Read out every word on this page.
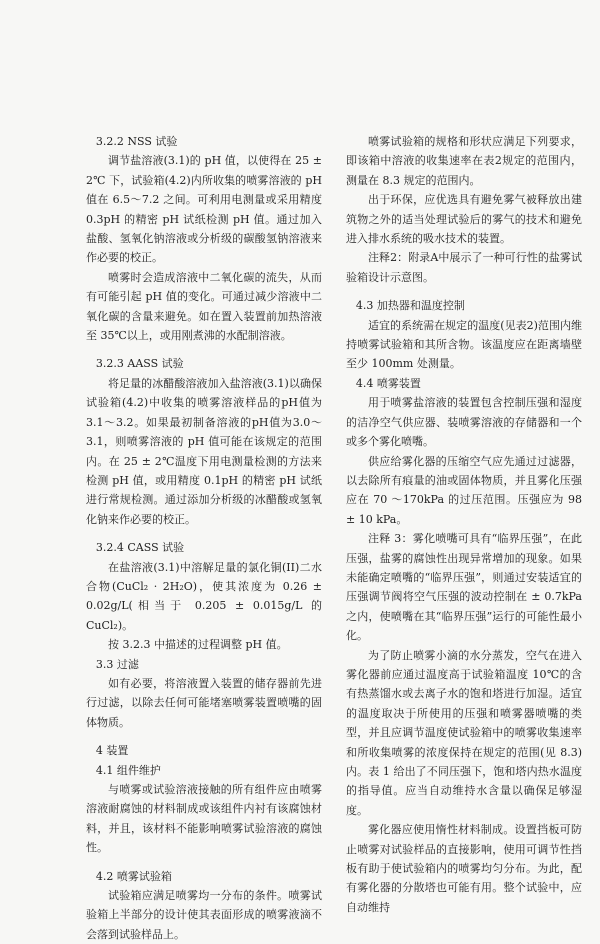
3.2.2 NSS 试验

调节盐溶液(3.1)的 pH 值，以使得在 25 ± 2℃ 下，试验箱(4.2)内所收集的喷雾溶液的 pH 值在 6.5～7.2 之间。可利用电测量或采用精度 0.3pH 的精密 pH 试纸检测 pH 值。通过加入盐酸、氢氧化钠溶液或分析级的碳酸氢钠溶液来作必要的校正。

喷雾时会造成溶液中二氧化碳的流失，从而有可能引起 pH 值的变化。可通过减少溶液中二氧化碳的含量来避免。如在置入装置前加热溶液至 35℃以上，或用刚煮沸的水配制溶液。

3.2.3 AASS 试验

将足量的冰醋酸溶液加入盐溶液(3.1)以确保试验箱(4.2)中收集的喷雾溶液样品的pH值为3.1～3.2。如果最初制备溶液的pH值为3.0～3.1，则喷雾溶液的 pH 值可能在该规定的范围内。在 25 ± 2℃温度下用电测量检测的方法来检测 pH 值，或用精度 0.1pH 的精密 pH 试纸进行常规检测。通过添加分析级的冰醋酸或氢氧化钠来作必要的校正。

3.2.4 CASS 试验

在盐溶液(3.1)中溶解足量的氯化铜(II)二水合物(CuCl₂ · 2H₂O)，使其浓度为 0.26 ± 0.02g/L(相当于 0.205 ± 0.015g/L 的 CuCl₂)。

按 3.2.3 中描述的过程调整 pH 值。

3.3 过滤

如有必要，将溶液置入装置的储存器前先进行过滤，以除去任何可能堵塞喷雾装置喷嘴的固体物质。

4 装置
4.1 组件维护

与喷雾或试验溶液接触的所有组件应由喷雾溶液耐腐蚀的材料制成或该组件内衬有该腐蚀材料，并且，该材料不能影响喷雾试验溶液的腐蚀性。

4.2 喷雾试验箱

试验箱应满足喷雾均一分布的条件。喷雾试验箱上半部分的设计使其表面形成的喷雾液滴不会落到试验样品上。

喷雾试验箱的规格和形状应满足下列要求，即该箱中溶液的收集速率在表2规定的范围内，测量在 8.3 规定的范围内。

出于环保，应优选具有避免雾气被释放出建筑物之外的适当处理试验后的雾气的技术和避免进入排水系统的吸水技术的装置。

注释2：附录A中展示了一种可行性的盐雾试验箱设计示意图。

4.3 加热器和温度控制

适宜的系统需在规定的温度(见表2)范围内维持喷雾试验箱和其所含物。该温度应在距离墙壁至少 100mm 处测量。

4.4 喷雾装置

用于喷雾盐溶液的装置包含控制压强和湿度的洁净空气供应器、装喷雾溶液的存储器和一个或多个雾化喷嘴。

供应给雾化器的压缩空气应先通过过滤器，以去除所有痕量的油或固体物质，并且雾化压强应在 70 ～170kPa 的过压范围。压强应为 98 ± 10 kPa。

注释 3：雾化喷嘴可具有“临界压强”，在此压强，盐雾的腐蚀性出现异常增加的现象。如果未能确定喷嘴的“临界压强”，则通过安装适宜的压强调节阀将空气压强的波动控制在 ± 0.7kPa 之内，使喷嘴在其“临界压强”运行的可能性最小化。

为了防止喷雾小滴的水分蒸发，空气在进入雾化器前应通过温度高于试验箱温度 10℃的含有热蒸馏水或去离子水的饱和塔进行加湿。适宜的温度取决于所使用的压强和喷雾器喷嘴的类型，并且应调节温度使试验箱中的喷雾收集速率和所收集喷雾的浓度保持在规定的范围(见 8.3)内。表 1 给出了不同压强下，饱和塔内热水温度的指导值。应当自动维持水含量以确保足够湿度。

雾化器应使用惰性材料制成。设置挡板可防止喷雾对试验样品的直接影响，使用可调节性挡板有助于使试验箱内的喷雾均匀分布。为此，配有雾化器的分散塔也可能有用。整个试验中，应自动维持
